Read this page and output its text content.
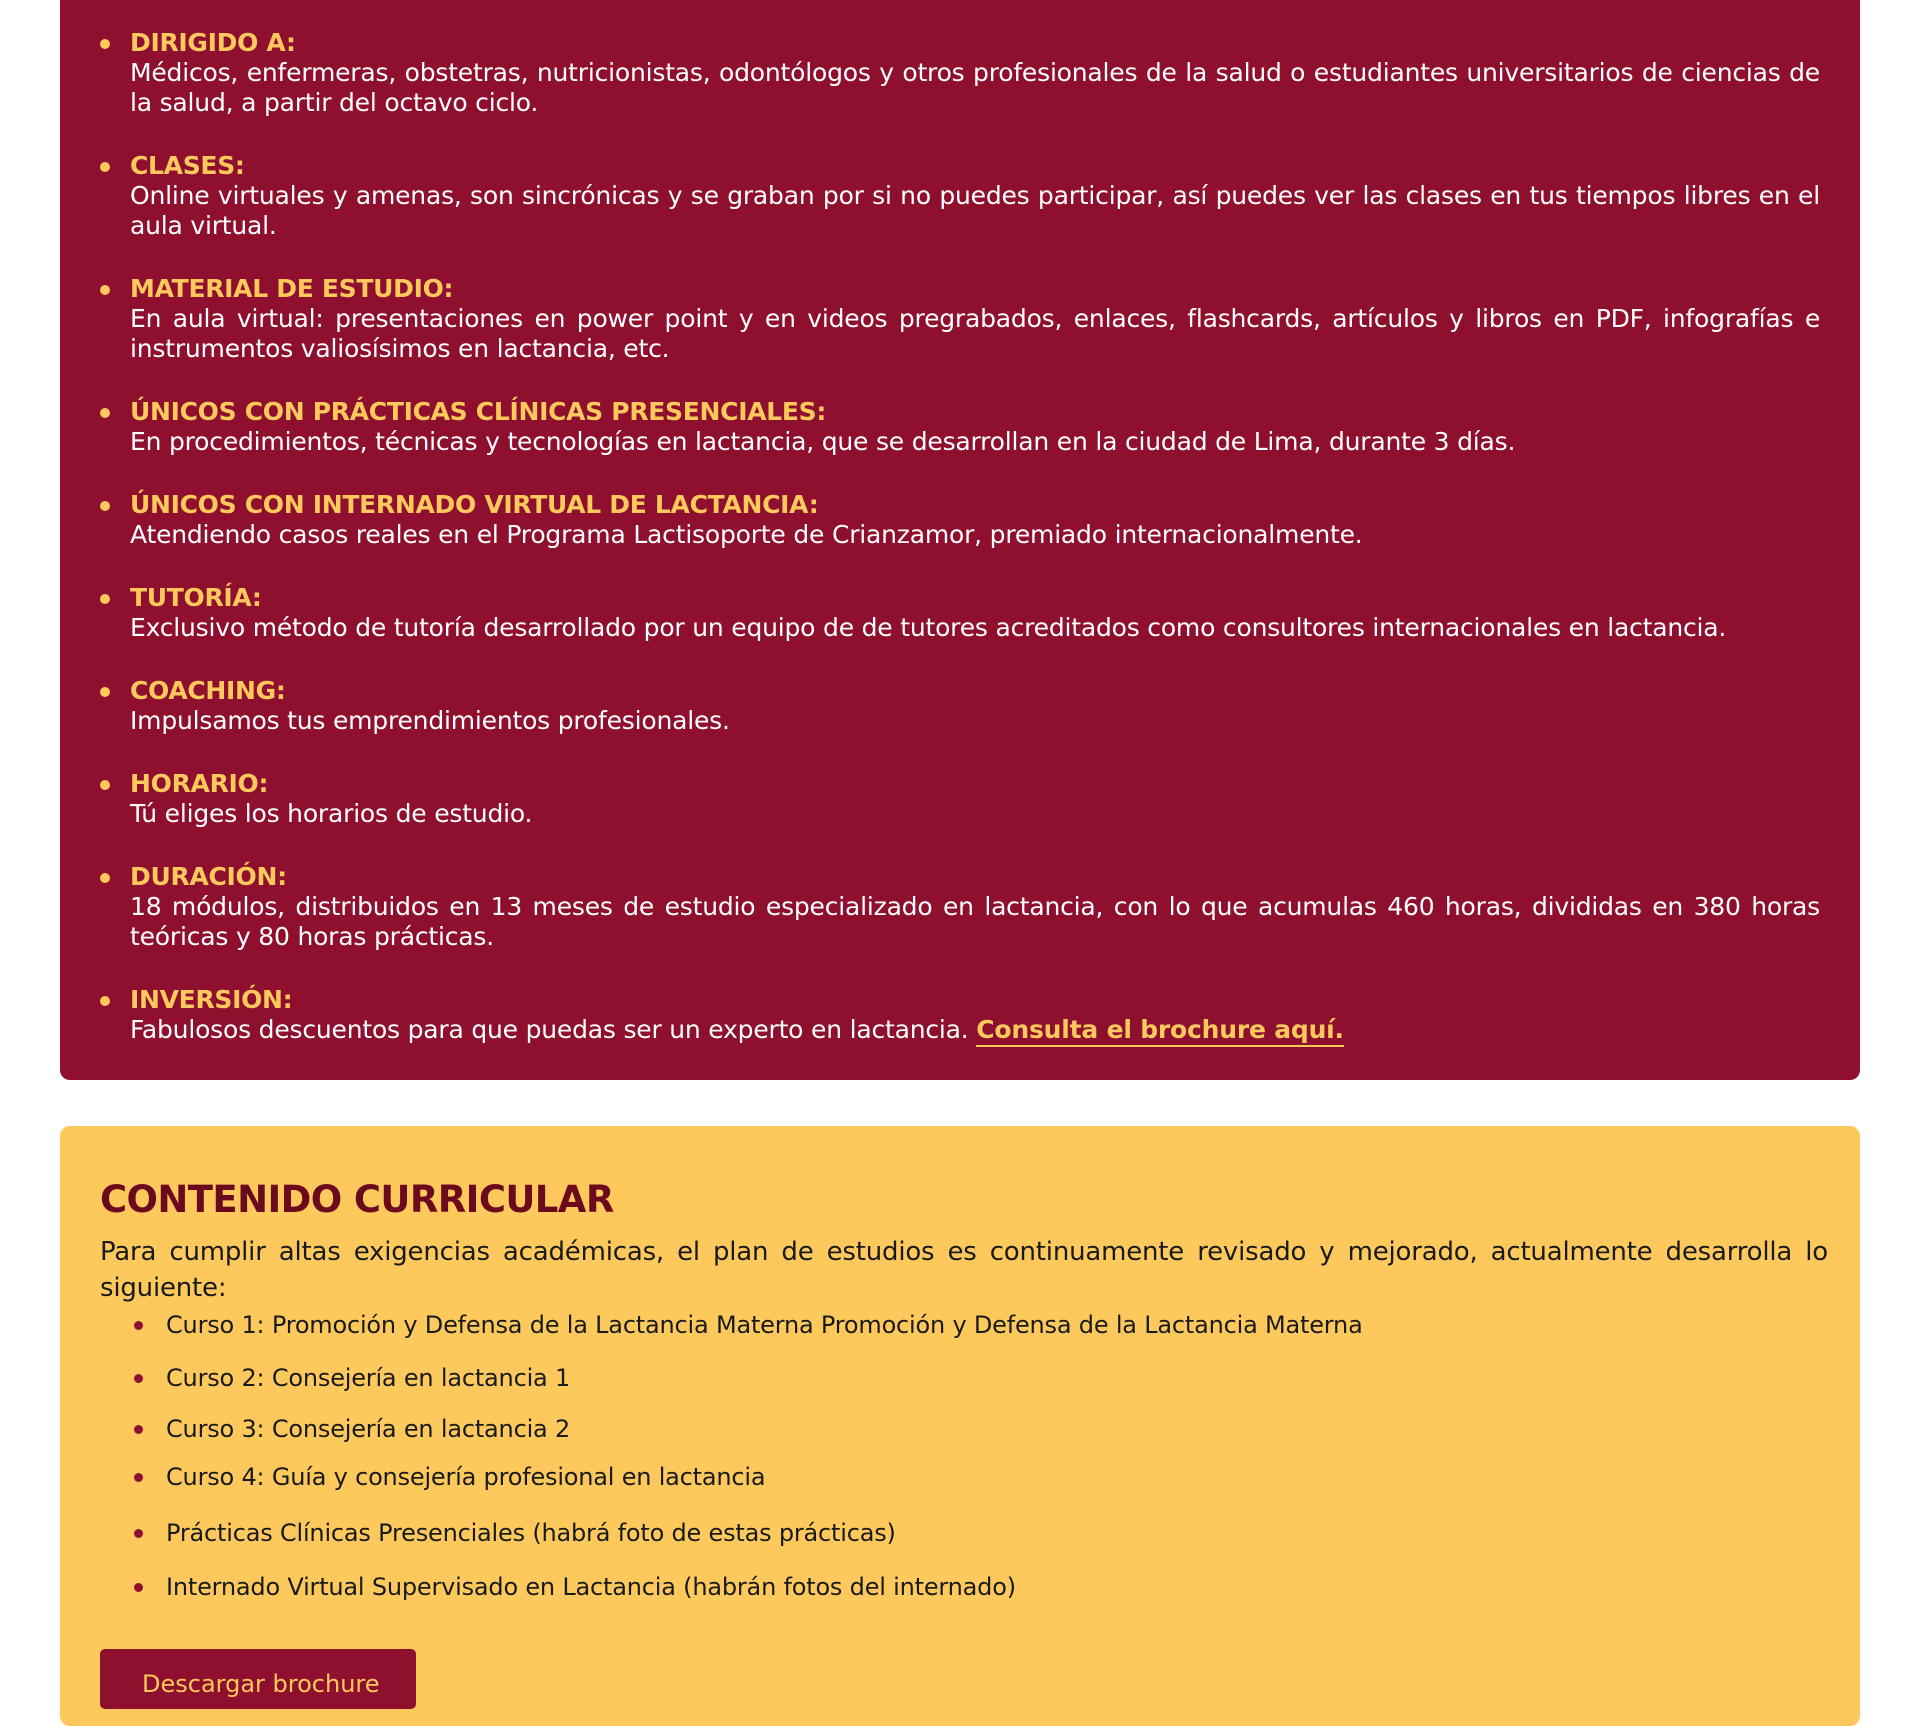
DIRIGIDO A:
Médicos, enfermeras, obstetras, nutricionistas, odontólogos y otros profesionales de la salud o estudiantes universitarios de ciencias de la salud, a partir del octavo ciclo.
CLASES:
Online virtuales y amenas, son sincrónicas y se graban por si no puedes participar, así puedes ver las clases en tus tiempos libres en el aula virtual.
MATERIAL DE ESTUDIO:
En aula virtual: presentaciones en power point y en videos pregrabados, enlaces, flashcards, artículos y libros en PDF, infografías e instrumentos valiosísimos en lactancia, etc.
ÚNICOS CON PRÁCTICAS CLÍNICAS PRESENCIALES:
En procedimientos, técnicas y tecnologías en lactancia, que se desarrollan en la ciudad de Lima, durante 3 días.
ÚNICOS CON INTERNADO VIRTUAL DE LACTANCIA:
Atendiendo casos reales en el Programa Lactisoporte de Crianzamor, premiado internacionalmente.
TUTORÍA:
Exclusivo método de tutoría desarrollado por un equipo de de tutores acreditados como consultores internacionales en lactancia.
COACHING:
Impulsamos tus emprendimientos profesionales.
HORARIO:
Tú eliges los horarios de estudio.
DURACIÓN:
18 módulos, distribuidos en 13 meses de estudio especializado en lactancia, con lo que acumulas 460 horas, divididas en 380 horas teóricas y 80 horas prácticas.
INVERSIÓN:
Fabulosos descuentos para que puedas ser un experto en lactancia. Consulta el brochure aquí.
CONTENIDO CURRICULAR

Para cumplir altas exigencias académicas, el plan de estudios es continuamente revisado y mejorado, actualmente desarrolla lo siguiente:

Curso 1: Promoción y Defensa de la Lactancia Materna Promoción y Defensa de la Lactancia Materna
Curso 2: Consejería en lactancia 1
Curso 3: Consejería en lactancia 2
Curso 4: Guía y consejería profesional en lactancia
Prácticas Clínicas Presenciales (habrá foto de estas prácticas)
Internado Virtual Supervisado en Lactancia (habrán fotos del internado)
Descargar brochure
